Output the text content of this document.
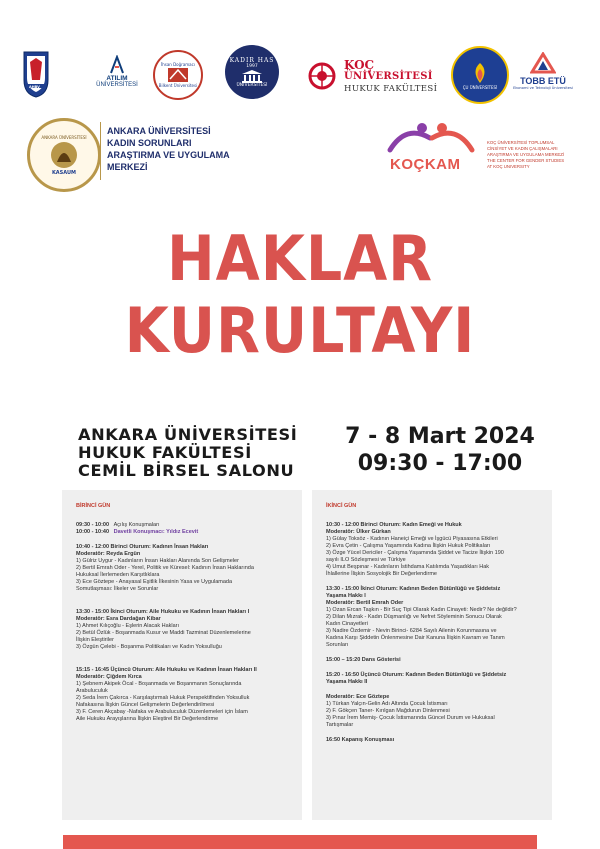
AHBV
ATILIM
ÜNİVERSİTESİ
İhsan Doğramacı
Bilkent Üniversitesi
KADIR HAS
1997
ÜNİVERSİTESİ
KOÇ
ÜNİVERSİTESİ
HUKUK FAKÜLTESİ	ÇU ÜNİVERSİTESİ
TOBB ETÜ
Ekonomi ve Teknoloji Üniversitesi
ANKARA ÜNİVERSİTESİ
KASAUM
ANKARA ÜNİVERSİTESİ
KADIN SORUNLARI
ARAŞTIRMA VE UYGULAMA
MERKEZİ	KOÇKAM
KOÇ ÜNİVERSİTESİ TOPLUMSAL
CİNSİYET VE KADIN ÇALIŞMALARI
ARAŞTIRMA VE UYGULAMA MERKEZİ
THE CENTER FOR GENDER STUDIES
AT KOÇ UNIVERSITY
HAKLAR
KURULTAYI
ANKARA ÜNİVERSİTESİ
HUKUK FAKÜLTESİ
CEMİL BİRSEL SALONU
7 - 8 Mart 2024
09:30 - 17:00

BİRİNCİ GÜN

09:30 - 10:00 Açılış Konuşmaları

10:00 - 10:40 Davetli Konuşmacı: Yıldız Ecevit

10:40 - 12:00 Birinci Oturum: Kadının İnsan Hakları

Moderatör: Reyda Ergün

1) Gülriz Uygur - Kadınların İnsan Hakları Alanında Son Gelişmeler

2) Bertil Emrah Oder - Yerel, Politik ve Küresel: Kadının İnsan Haklarında

Hukuksal İlerlemeden Karşıtlıklara

3) Ece Göztepe - Anayasal Eşitlik İlkesinin Yasa ve Uygulamada

Somutlaşması: İlkeler ve Sorunlar

13:30 - 15:00 İkinci Oturum: Aile Hukuku ve Kadının İnsan Hakları I

Moderatör: Esra Dardağan Kibar

1) Ahmet Kılıçoğlu - Eşlerin Alacak Hakları

2) Betül Özlük - Boşanmada Kusur ve Maddi Tazminat Düzenlemelerine

İlişkin Eleştiriler

3) Özgün Çelebi - Boşanma Politikaları ve Kadın Yoksulluğu

15:15 - 16:45 Üçüncü Oturum: Aile Hukuku ve Kadının İnsan Hakları II

Moderatör: Çiğdem Kırca

1) Şebnem Akipek Öcal - Boşanmada ve Boşanmanın Sonuçlarında

Arabuluculuk

2) Seda İrem Çakırca - Karşılaştırmalı Hukuk Perspektifinden Yoksulluk

Nafakasına İlişkin Güncel Gelişmelerin Değerlendirilmesi

3) F. Ceren Akçabay -Nafaka ve Arabuluculuk Düzenlemeleri için İslam

Aile Hukuku Arayışlarına İlişkin Eleştirel Bir Değerlendirme

İKİNCİ GÜN

10:30 - 12:00 Birinci Oturum: Kadın Emeği ve Hukuk

Moderatör: Ülker Gürkan

1) Gülay Toksöz - Kadının Haneiçi Emeği ve İşgücü Piyasasına Etkileri

2) Evra Çetin - Çalışma Yaşamında Kadına İlişkin Hukuk Politikaları

3) Özge Yücel Dericiler - Çalışma Yaşamında Şiddet ve Tacize İlişkin 190

sayılı ILO Sözleşmesi ve Türkiye

4) Umut Beşpınar - Kadınların İstihdama Katılımda Yaşadıkları Hak

İhlallerine İlişkin Sosyolojik Bir Değerlendirme

13:30 - 15:00 İkinci Oturum: Kadının Beden Bütünlüğü ve Şiddetsiz

Yaşama Hakkı I

Moderatör: Bertil Emrah Oder

1) Ozan Ercan Taşkın - Bir Suç Tipi Olarak Kadın Cinayeti: Nedir? Ne değildir?

2) Dilan Mızrak - Kadın Düşmanlığı ve Nefret Söyleminin Sonucu Olarak

Kadın Cinayetleri

3) Nadire Özdemir - Nevin Birinci- 6284 Sayılı Ailenin Korunmasına ve

Kadına Karşı Şiddetin Önlenmesine Dair Kanuna İlişkin Kavram ve Tanım

Sorunları

15:00 – 15:20 Dans Gösterisi

15:20 - 16:50 Üçüncü Oturum: Kadının Beden Bütünlüğü ve Şiddetsiz

Yaşama Hakkı II

Moderatör: Ece Göztepe

1) Türkan Yalçın-Gelin Adı Altında Çocuk İstismarı

2) F. Gökçen Taner- Kırılgan Mağdurun Dinlenmesi

3) Pınar İrem Memiş- Çocuk İstismarında Güncel Durum ve Hukuksal

Tartışmalar

16:50 Kapanış Konuşması
